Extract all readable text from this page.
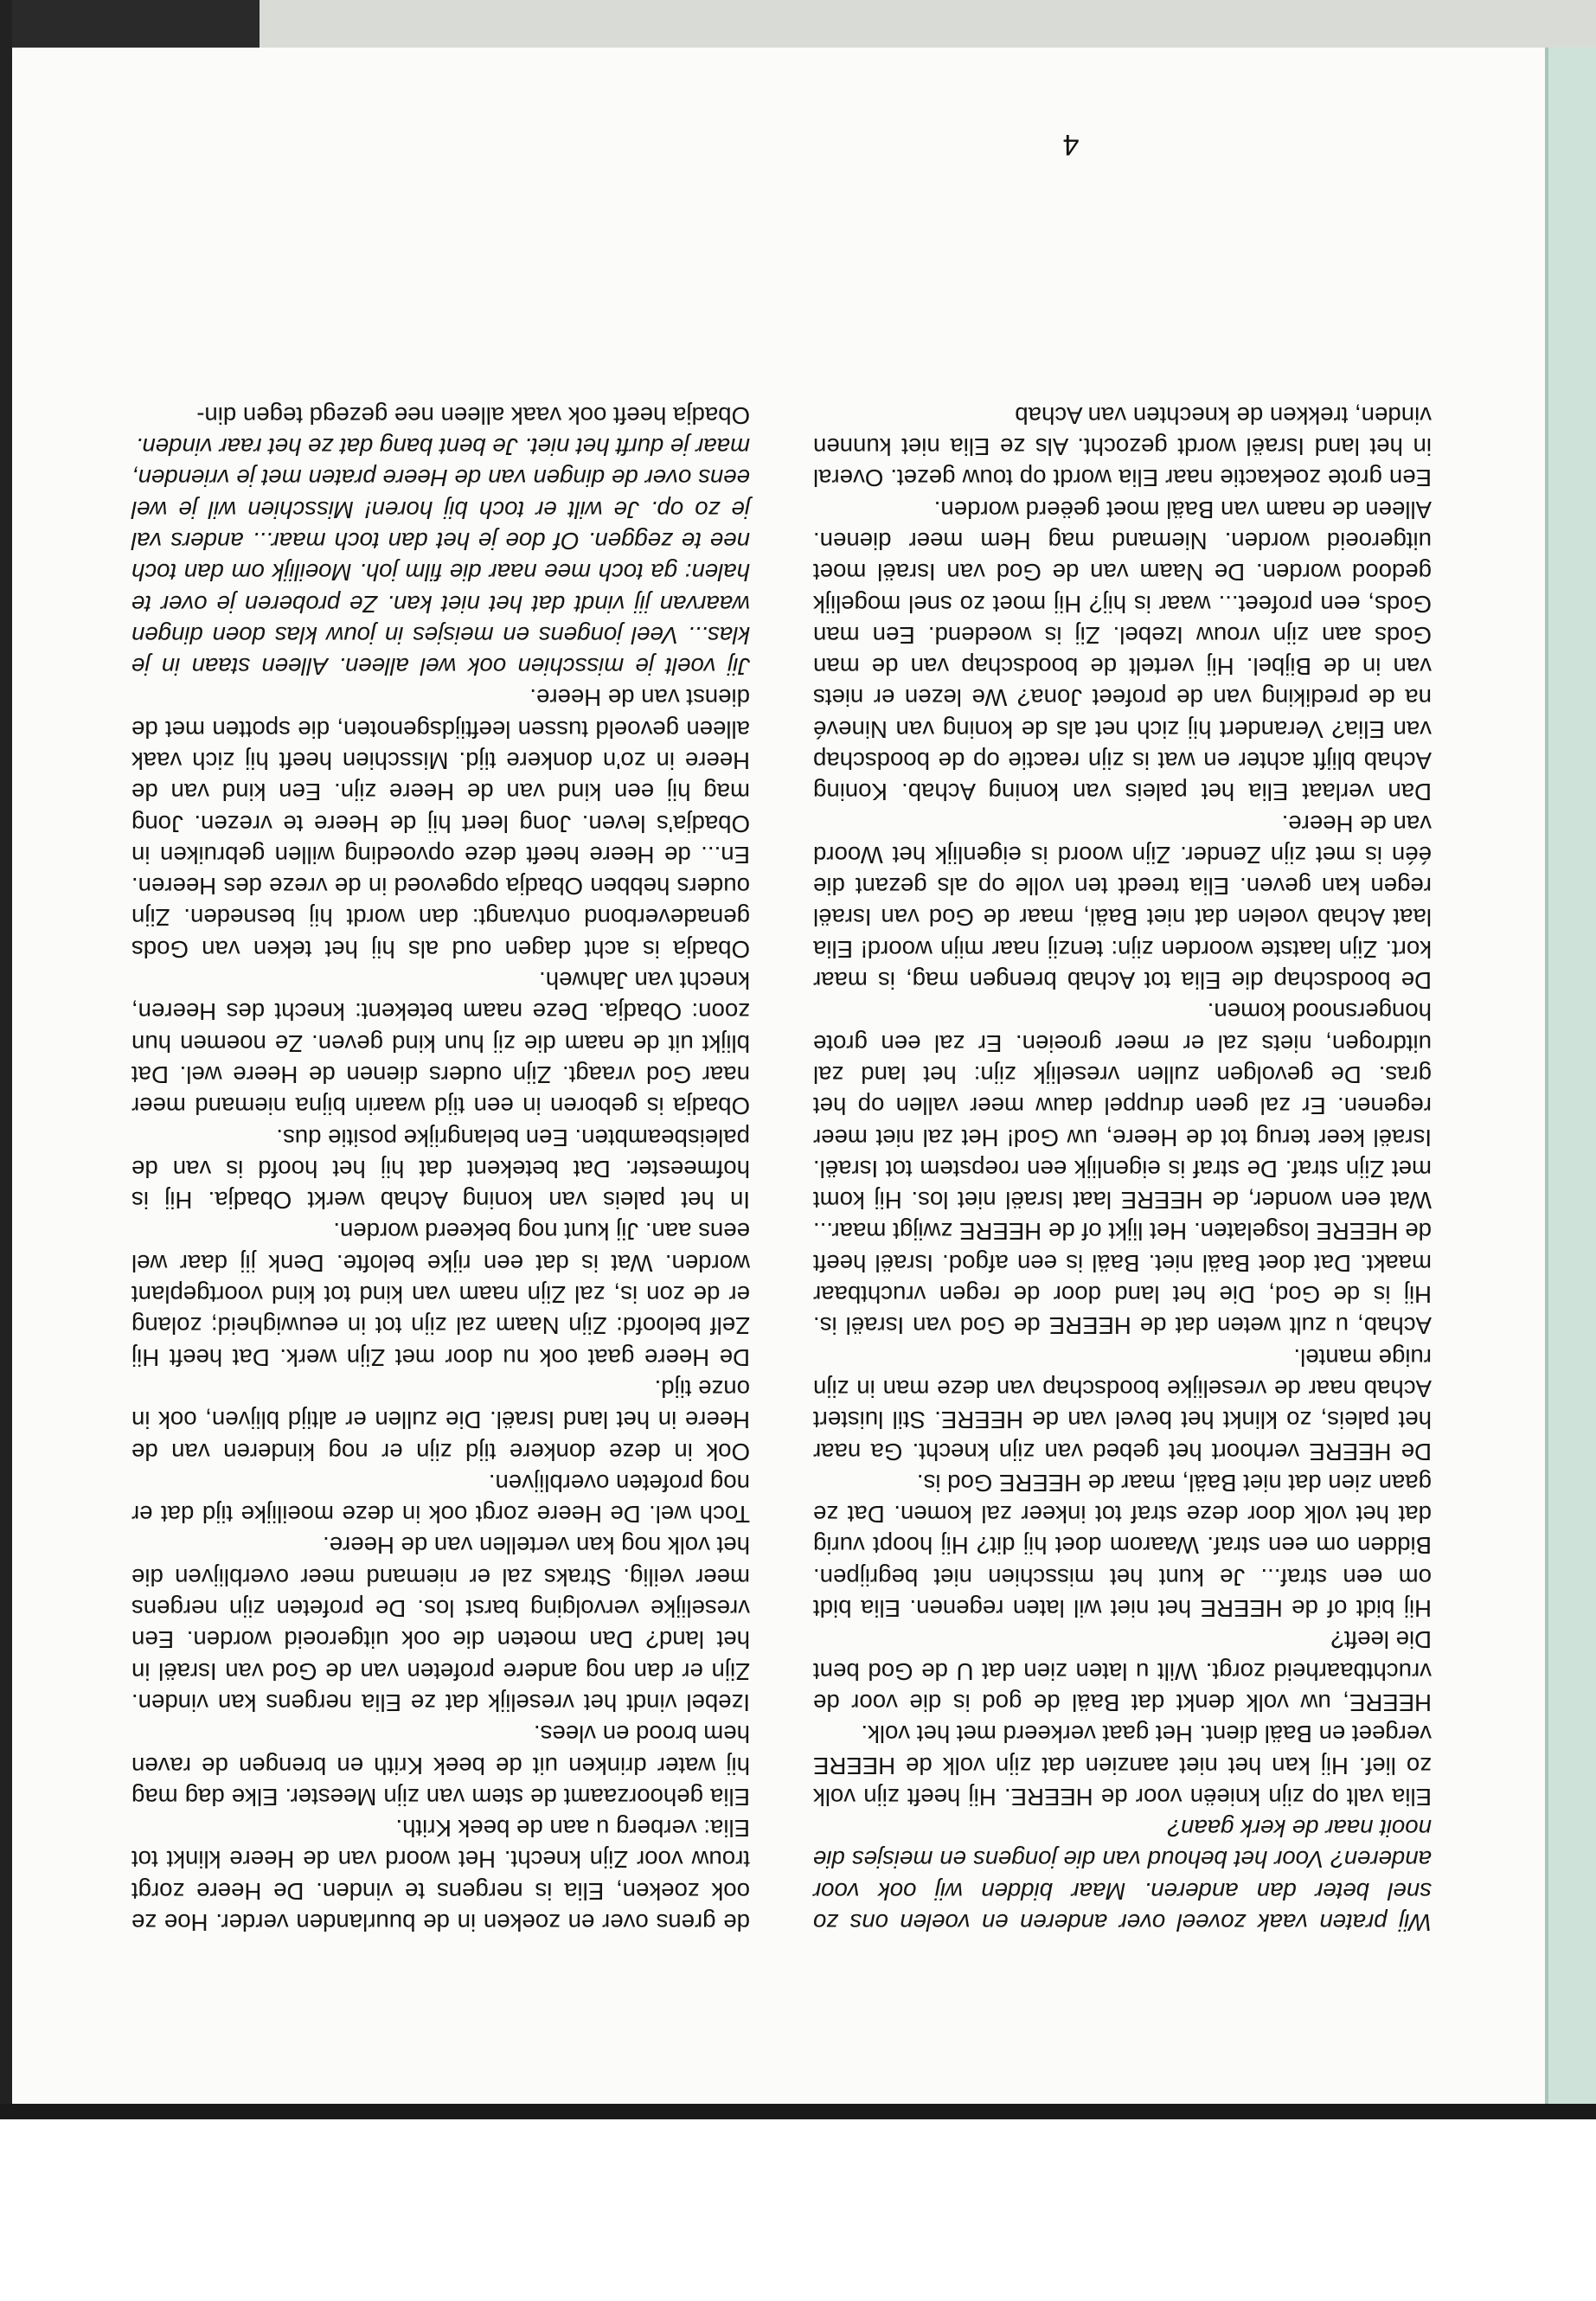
4

Wij praten vaak zoveel over anderen en voelen ons zo snel beter dan anderen. Maar bidden wij ook voor anderen? Voor het behoud van die jongens en meisjes die nooit naar de kerk gaan?

Elia valt op zijn knieën voor de HEERE. Hij heeft zijn volk zo lief. Hij kan het niet aanzien dat zijn volk de HEERE vergeet en Baäl dient. Het gaat verkeerd met het volk.

HEERE, uw volk denkt dat Baäl de god is die voor de vruchtbaarheid zorgt. Wilt u laten zien dat U de God bent Die leeft?

Hij bidt of de HEERE het niet wil laten regenen. Elia bidt om een straf... Je kunt het misschien niet begrijpen. Bidden om een straf. Waarom doet hij dit? Hij hoopt vurig dat het volk door deze straf tot inkeer zal komen. Dat ze gaan zien dat niet Baäl, maar de HEERE God is.

De HEERE verhoort het gebed van zijn knecht. Ga naar het paleis, zo klinkt het bevel van de HEERE. Stil luistert Achab naar de vreselijke boodschap van deze man in zijn ruige mantel.

Achab, u zult weten dat de HEERE de God van Israël is. Hij is de God, Die het land door de regen vruchtbaar maakt. Dat doet Baäl niet. Baäl is een afgod. Israël heeft de HEERE losgelaten. Het lijkt of de HEERE zwijgt maar... Wat een wonder, de HEERE laat Israël niet los. Hij komt met Zijn straf. De straf is eigenlijk een roepstem tot Israël. Israël keer terug tot de Heere, uw God! Het zal niet meer regenen. Er zal geen druppel dauw meer vallen op het gras. De gevolgen zullen vreselijk zijn: het land zal uitdrogen, niets zal er meer groeien. Er zal een grote hongersnood komen.

De boodschap die Elia tot Achab brengen mag, is maar kort. Zijn laatste woorden zijn: tenzij naar mijn woord! Elia laat Achab voelen dat niet Baäl, maar de God van Israël regen kan geven. Elia treedt ten volle op als gezant die één is met zijn Zender. Zijn woord is eigenlijk het Woord van de Heere.

Dan verlaat Elia het paleis van koning Achab. Koning Achab blijft achter en wat is zijn reactie op de boodschap van Elia? Verandert hij zich net als de koning van Ninevé na de prediking van de profeet Jona? We lezen er niets van in de Bijbel. Hij vertelt de boodschap van de man Gods aan zijn vrouw Izebel. Zij is woedend. Een man Gods, een profeet... waar is hij? Hij moet zo snel mogelijk gedood worden. De Naam van de God van Israël moet uitgeroeid worden. Niemand mag Hem meer dienen. Alleen de naam van Baäl moet geëerd worden.

Een grote zoekactie naar Elia wordt op touw gezet. Overal in het land Israël wordt gezocht. Als ze Elia niet kunnen vinden, trekken de knechten van Achab

de grens over en zoeken in de buurlanden verder. Hoe ze ook zoeken, Elia is nergens te vinden. De Heere zorgt trouw voor Zijn knecht. Het woord van de Heere klinkt tot Elia: verberg u aan de beek Krith.

Elia gehoorzaamt de stem van zijn Meester. Elke dag mag hij water drinken uit de beek Krith en brengen de raven hem brood en vlees.

Izebel vindt het vreselijk dat ze Elia nergens kan vinden. Zijn er dan nog andere profeten van de God van Israël in het land? Dan moeten die ook uitgeroeid worden. Een vreselijke vervolging barst los. De profeten zijn nergens meer veilig. Straks zal er niemand meer overblijven die het volk nog kan vertellen van de Heere.

Toch wel. De Heere zorgt ook in deze moeilijke tijd dat er nog profeten overblijven.

Ook in deze donkere tijd zijn er nog kinderen van de Heere in het land Israël. Die zullen er altijd blijven, ook in onze tijd.

De Heere gaat ook nu door met Zijn werk. Dat heeft Hij Zelf beloofd: Zijn Naam zal zijn tot in eeuwigheid; zolang er de zon is, zal Zijn naam van kind tot kind voortgeplant worden. Wat is dat een rijke belofte. Denk jij daar wel eens aan. Jij kunt nog bekeerd worden.

In het paleis van koning Achab werkt Obadja. Hij is hofmeester. Dat betekent dat hij het hoofd is van de paleisbeambten. Een belangrijke positie dus.

Obadja is geboren in een tijd waarin bijna niemand meer naar God vraagt. Zijn ouders dienen de Heere wel. Dat blijkt uit de naam die zij hun kind geven. Ze noemen hun zoon: Obadja. Deze naam betekent: knecht des Heeren, knecht van Jahweh.

Obadja is acht dagen oud als hij het teken van Gods genadeverbond ontvangt: dan wordt hij besneden. Zijn ouders hebben Obadja opgevoed in de vreze des Heeren. En... de Heere heeft deze opvoeding willen gebruiken in Obadja's leven. Jong leert hij de Heere te vrezen. Jong mag hij een kind van de Heere zijn. Een kind van de Heere in zo'n donkere tijd. Misschien heeft hij zich vaak alleen gevoeld tussen leeftijdsgenoten, die spotten met de dienst van de Heere.

Jij voelt je misschien ook wel alleen. Alleen staan in je klas... Veel jongens en meisjes in jouw klas doen dingen waarvan jij vindt dat het niet kan. Ze proberen je over te halen: ga toch mee naar die film joh. Moeilijk om dan toch nee te zeggen. Of doe je het dan toch maar... anders val je zo op. Je wilt er toch bij horen! Misschien wil je wel eens over de dingen van de Heere praten met je vrienden, maar je durft het niet. Je bent bang dat ze het raar vinden.

Obadja heeft ook vaak alleen nee gezegd tegen din-
